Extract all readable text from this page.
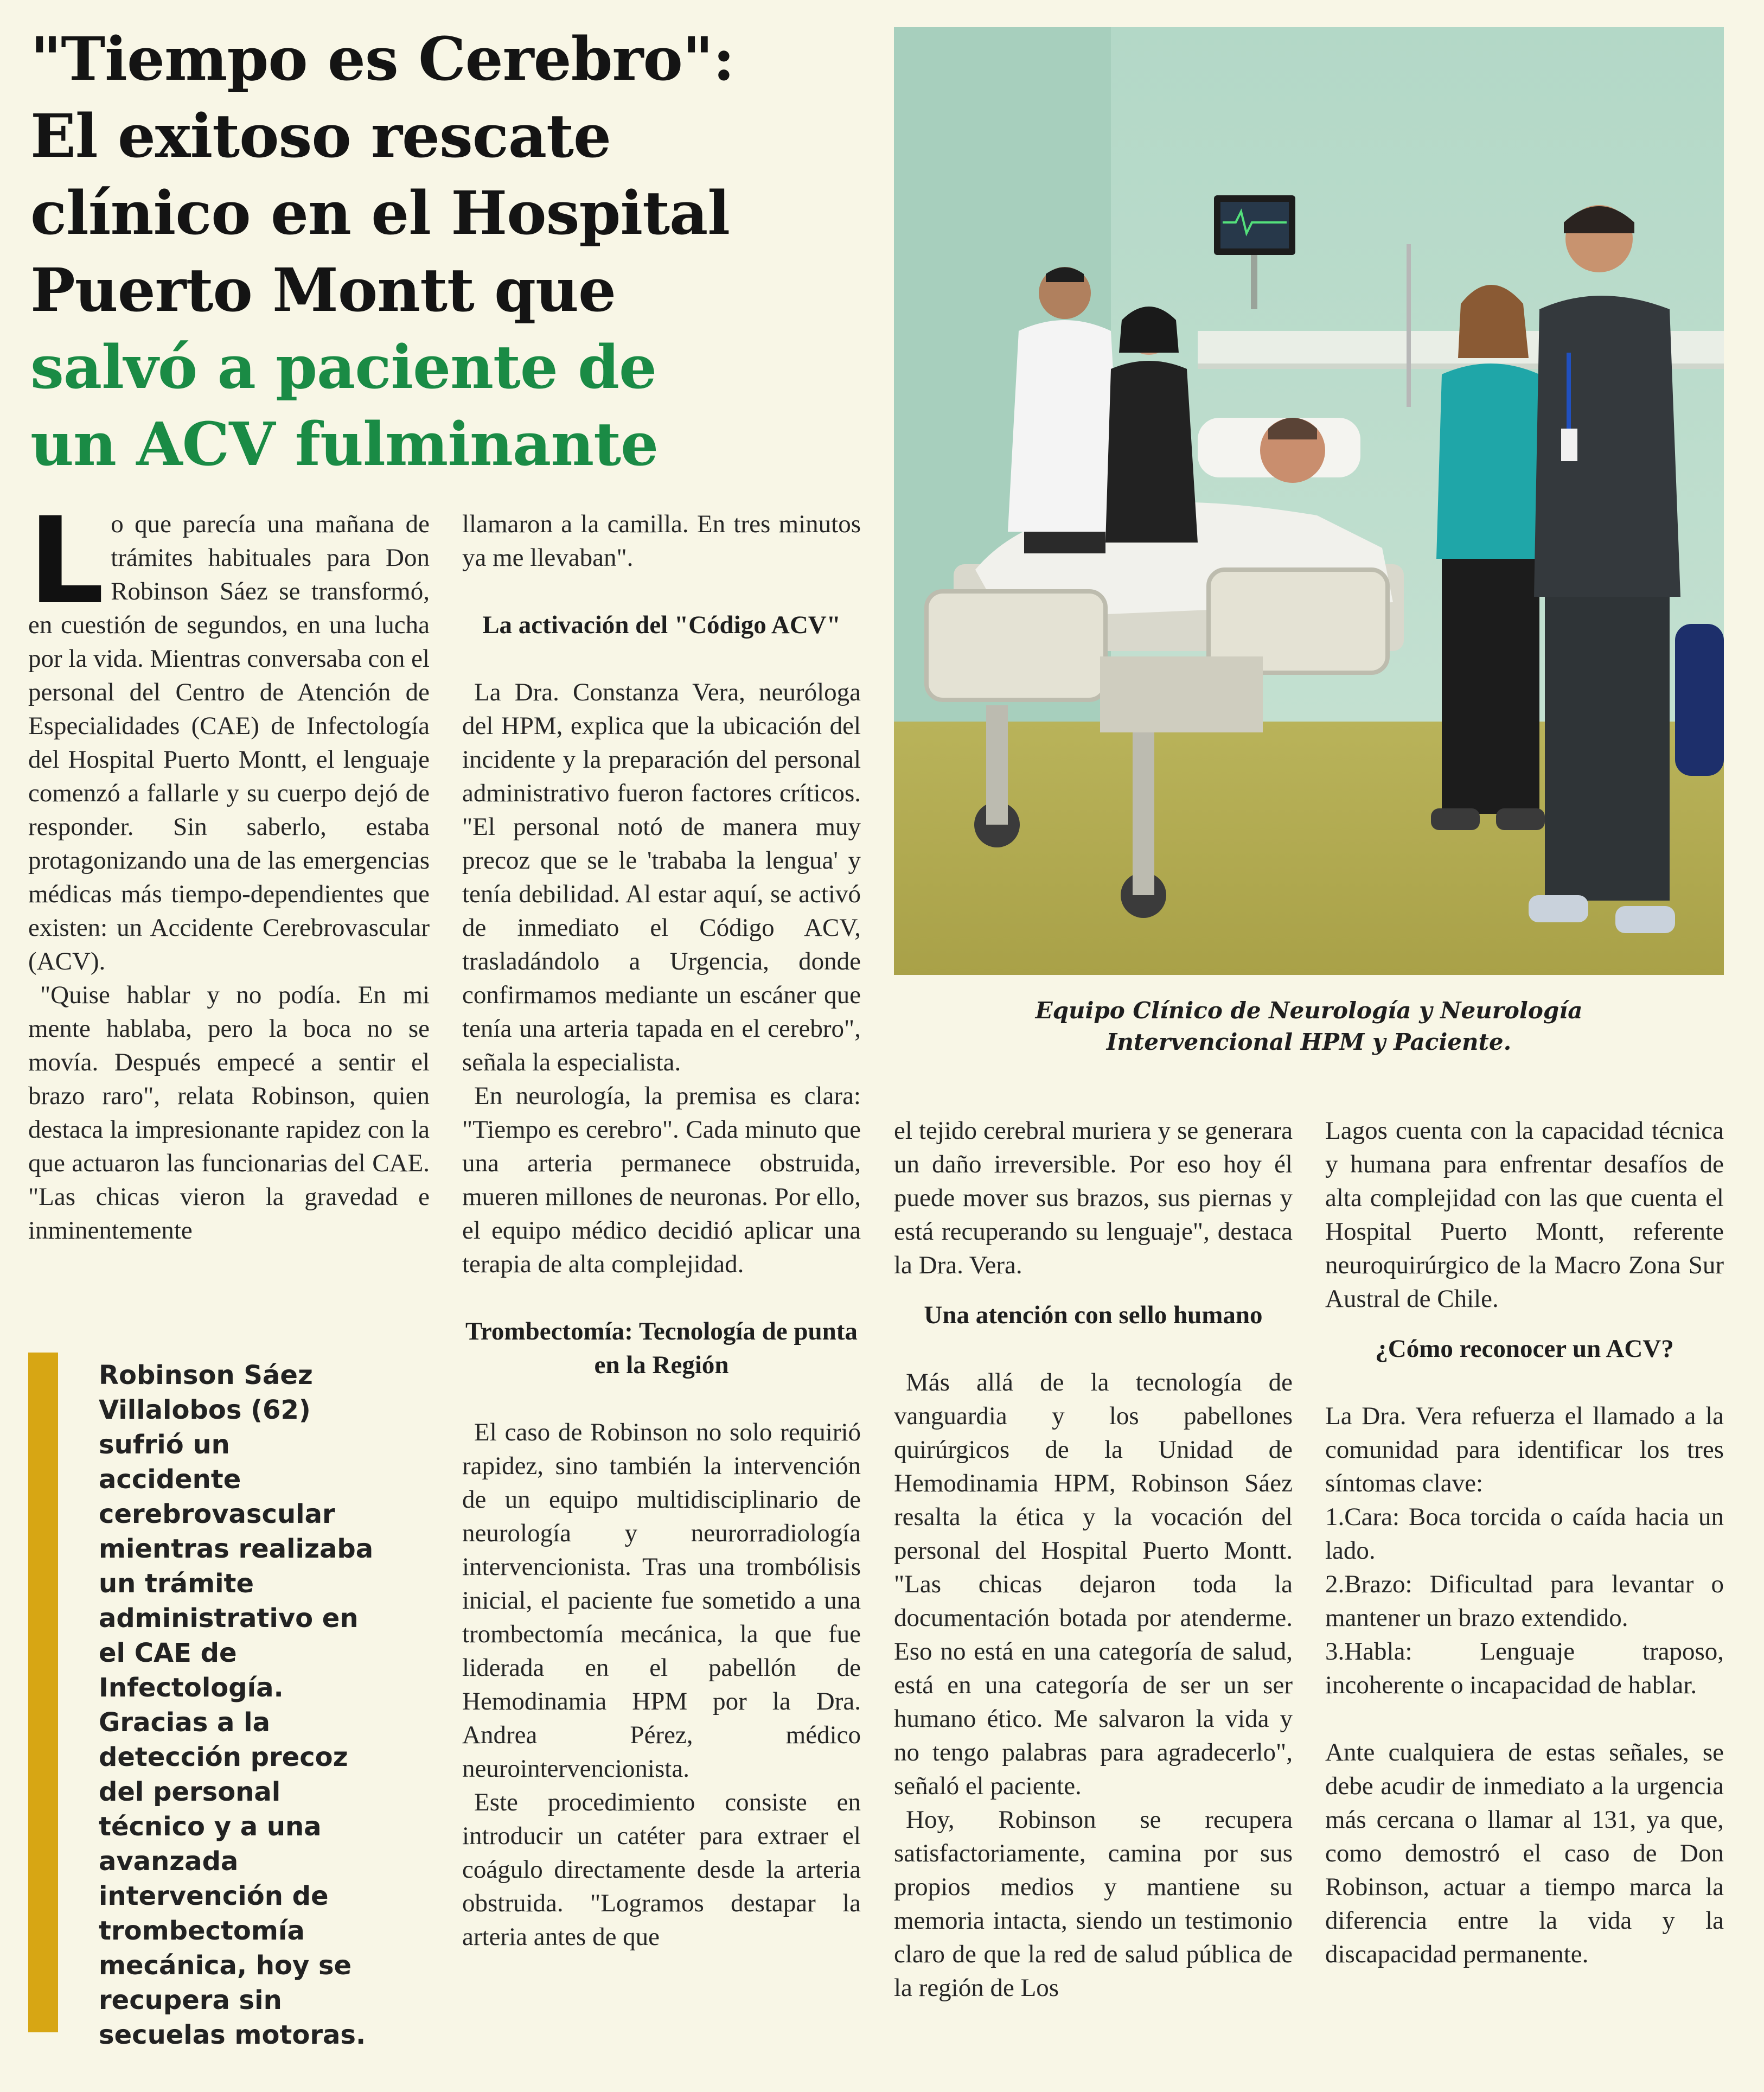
"Tiempo es Cerebro":
El exitoso rescate
clínico en el Hospital
Puerto Montt que
salvó a paciente de
un ACV fulminante
L o que parecía una mañana de trámites habituales para Don Robinson Sáez se transformó, en cuestión de segundos, en una lucha por la vida. Mientras conversaba con el personal del Centro de Atención de Especialidades (CAE) de Infectología del Hospital Puerto Montt, el lenguaje comenzó a fallarle y su cuerpo dejó de responder. Sin saberlo, estaba protagonizando una de las emergencias médicas más tiempo-dependientes que existen: un Accidente Cerebrovascular (ACV).

"Quise hablar y no podía. En mi mente hablaba, pero la boca no se movía. Después empecé a sentir el brazo raro", relata Robinson, quien destaca la impresionante rapidez con la que actuaron las funcionarias del CAE. "Las chicas vieron la gravedad e inminentemente

Robinson Sáez Villalobos (62) sufrió un accidente cerebrovascular mientras realizaba un trámite administrativo en el CAE de Infectología. Gracias a la detección precoz del personal técnico y a una avanzada intervención de trombectomía mecánica, hoy se recupera sin secuelas motoras.

llamaron a la camilla. En tres minutos ya me llevaban".

La activación del "Código ACV"

La Dra. Constanza Vera, neuróloga del HPM, explica que la ubicación del incidente y la preparación del personal administrativo fueron factores críticos. "El personal notó de manera muy precoz que se le 'trababa la lengua' y tenía debilidad. Al estar aquí, se activó de inmediato el Código ACV, trasladándolo a Urgencia, donde confirmamos mediante un escáner que tenía una arteria tapada en el cerebro", señala la especialista.

En neurología, la premisa es clara: "Tiempo es cerebro". Cada minuto que una arteria permanece obstruida, mueren millones de neuronas. Por ello, el equipo médico decidió aplicar una terapia de alta complejidad.

Trombectomía: Tecnología de punta en la Región

El caso de Robinson no solo requirió rapidez, sino también la intervención de un equipo multidisciplinario de neurología y neurorradiología intervencionista. Tras una trombólisis inicial, el paciente fue sometido a una trombectomía mecánica, la que fue liderada en el pabellón de Hemodinamia HPM por la Dra. Andrea Pérez, médico neurointervencionista.

Este procedimiento consiste en introducir un catéter para extraer el coágulo directamente desde la arteria obstruida. "Logramos destapar la arteria antes de que

Equipo Clínico de Neurología y Neurología
Intervencional HPM y Paciente.

el tejido cerebral muriera y se generara un daño irreversible. Por eso hoy él puede mover sus brazos, sus piernas y está recuperando su lenguaje", destaca la Dra. Vera.

Una atención con sello humano

Más allá de la tecnología de vanguardia y los pabellones quirúrgicos de la Unidad de Hemodinamia HPM, Robinson Sáez resalta la ética y la vocación del personal del Hospital Puerto Montt. "Las chicas dejaron toda la documentación botada por atenderme. Eso no está en una categoría de salud, está en una categoría de ser un ser humano ético. Me salvaron la vida y no tengo palabras para agradecerlo", señaló el paciente.

Hoy, Robinson se recupera satisfactoriamente, camina por sus propios medios y mantiene su memoria intacta, siendo un testimonio claro de que la red de salud pública de la región de Los

Lagos cuenta con la capacidad técnica y humana para enfrentar desafíos de alta complejidad con las que cuenta el Hospital Puerto Montt, referente neuroquirúrgico de la Macro Zona Sur Austral de Chile.

¿Cómo reconocer un ACV?

La Dra. Vera refuerza el llamado a la comunidad para identificar los tres síntomas clave:

1.Cara: Boca torcida o caída hacia un lado.

2.Brazo: Dificultad para levantar o mantener un brazo extendido.

3.Habla: Lenguaje traposo, incoherente o incapacidad de hablar.

Ante cualquiera de estas señales, se debe acudir de inmediato a la urgencia más cercana o llamar al 131, ya que, como demostró el caso de Don Robinson, actuar a tiempo marca la diferencia entre la vida y la discapacidad permanente.
